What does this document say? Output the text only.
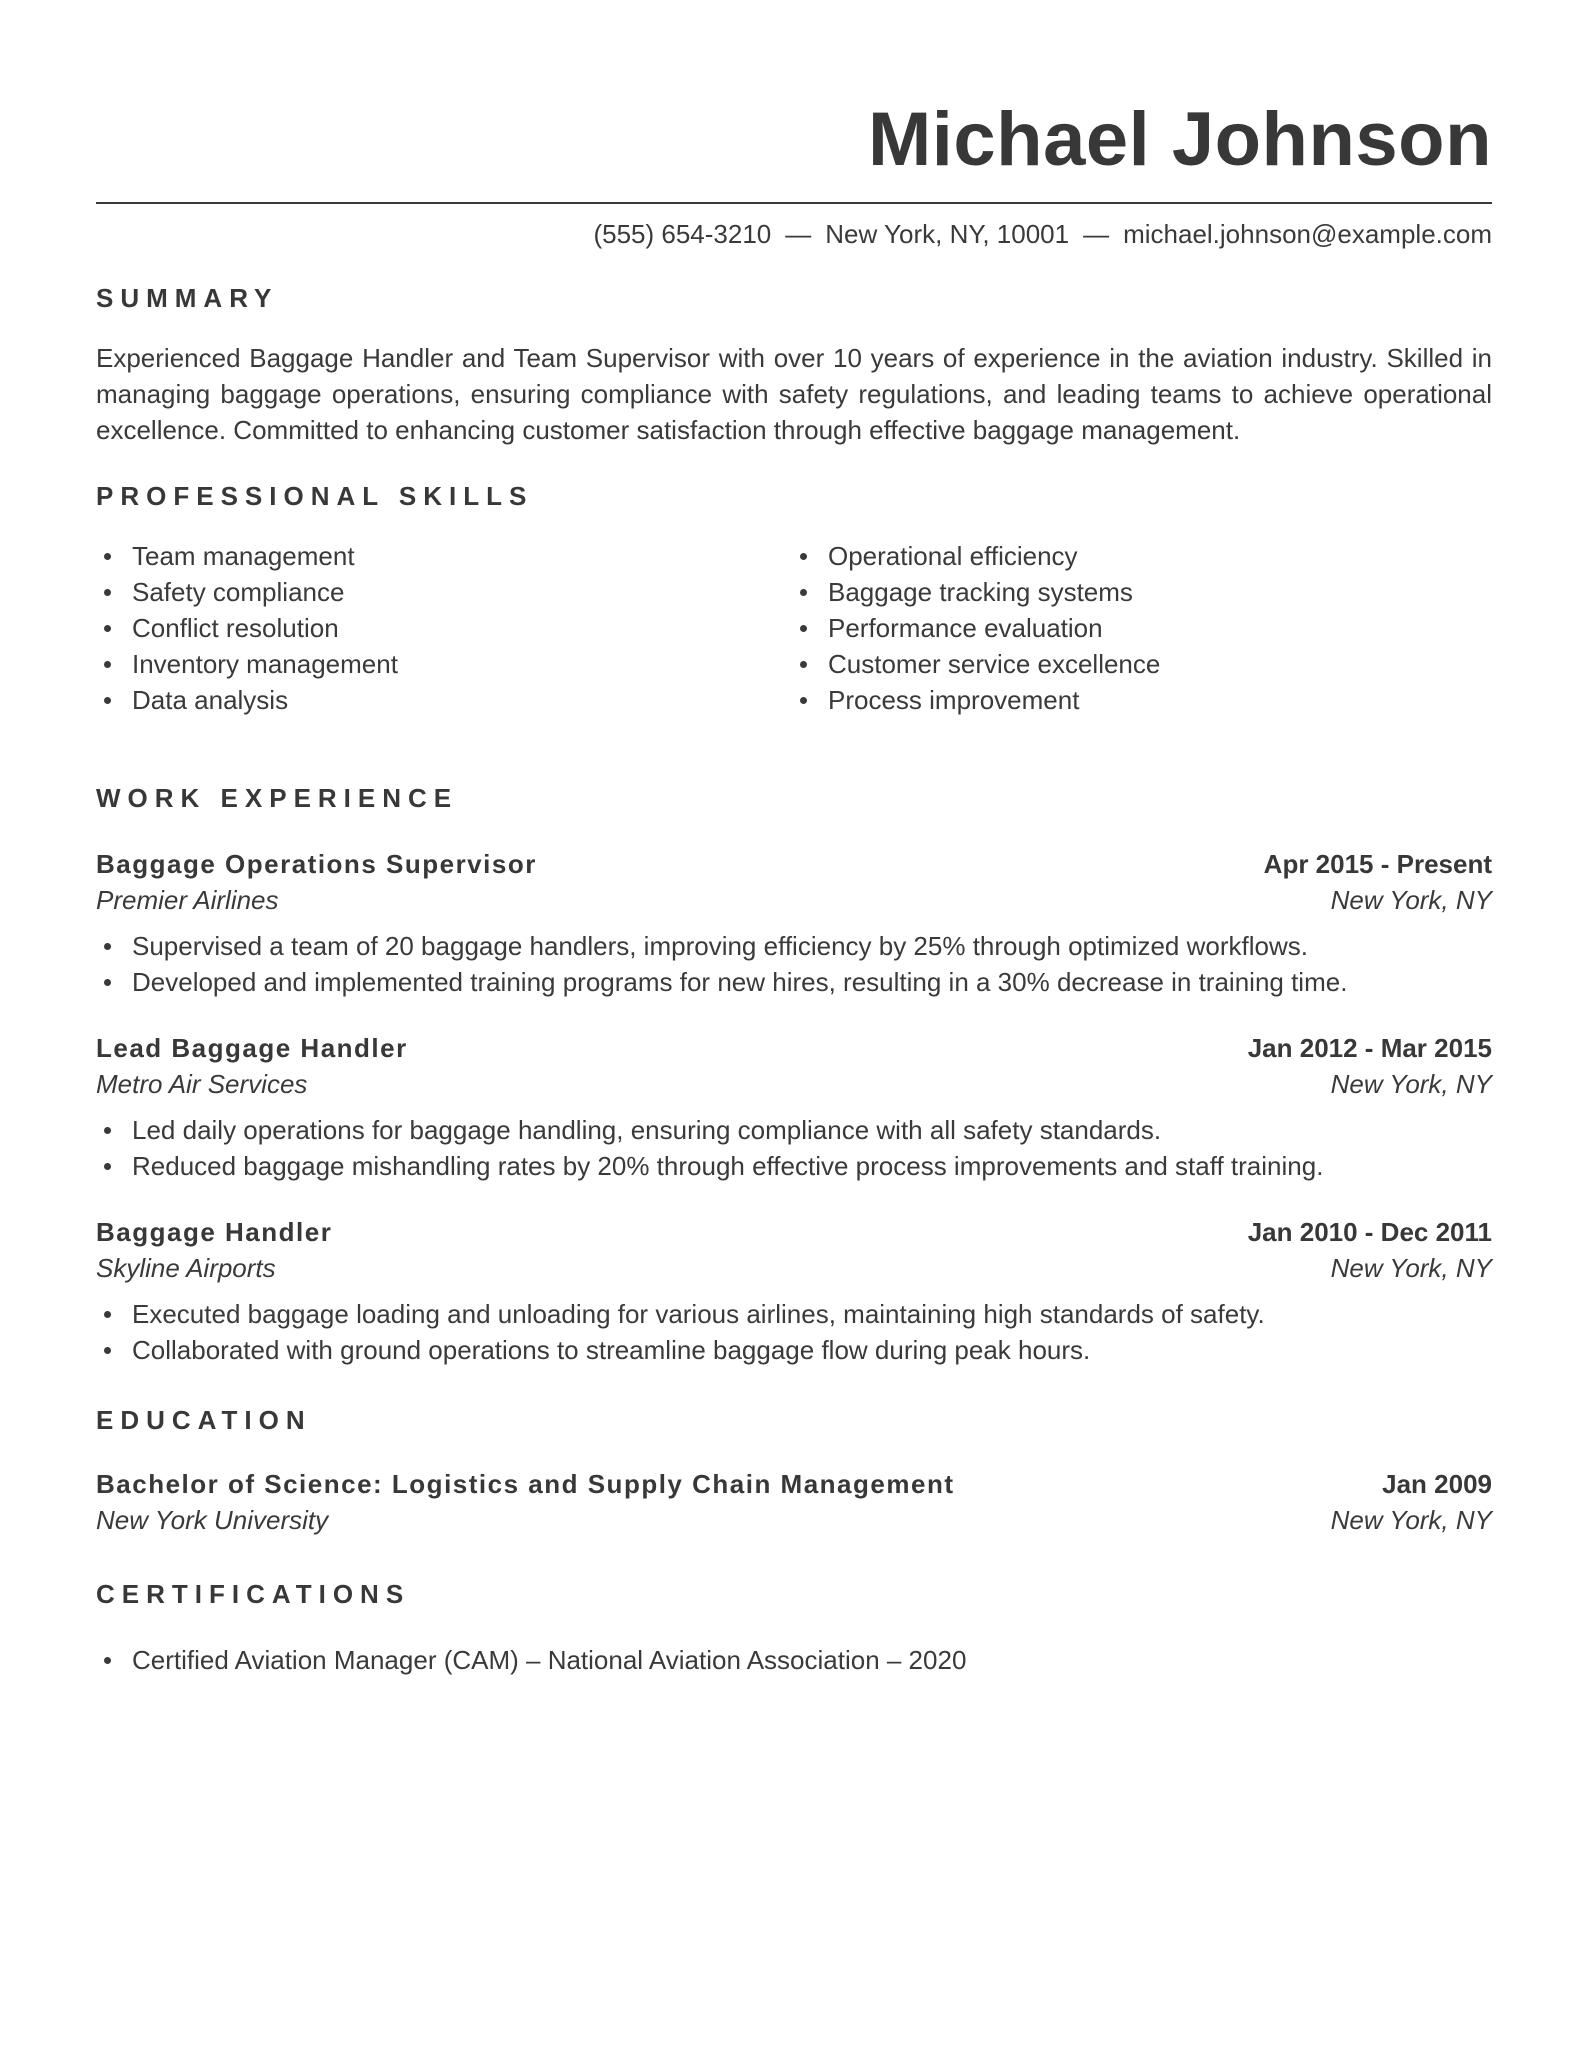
Michael Johnson
(555) 654-3210 — New York, NY, 10001 — michael.johnson@example.com
SUMMARY
Experienced Baggage Handler and Team Supervisor with over 10 years of experience in the aviation industry. Skilled in managing baggage operations, ensuring compliance with safety regulations, and leading teams to achieve operational excellence. Committed to enhancing customer satisfaction through effective baggage management.
PROFESSIONAL SKILLS
Team management
Safety compliance
Conflict resolution
Inventory management
Data analysis
Operational efficiency
Baggage tracking systems
Performance evaluation
Customer service excellence
Process improvement
WORK EXPERIENCE
Baggage Operations Supervisor	Apr 2015 - Present
Premier Airlines	New York, NY
Supervised a team of 20 baggage handlers, improving efficiency by 25% through optimized workflows.
Developed and implemented training programs for new hires, resulting in a 30% decrease in training time.
Lead Baggage Handler	Jan 2012 - Mar 2015
Metro Air Services	New York, NY
Led daily operations for baggage handling, ensuring compliance with all safety standards.
Reduced baggage mishandling rates by 20% through effective process improvements and staff training.
Baggage Handler	Jan 2010 - Dec 2011
Skyline Airports	New York, NY
Executed baggage loading and unloading for various airlines, maintaining high standards of safety.
Collaborated with ground operations to streamline baggage flow during peak hours.
EDUCATION
Bachelor of Science: Logistics and Supply Chain Management	Jan 2009
New York University	New York, NY
CERTIFICATIONS
Certified Aviation Manager (CAM) – National Aviation Association – 2020
